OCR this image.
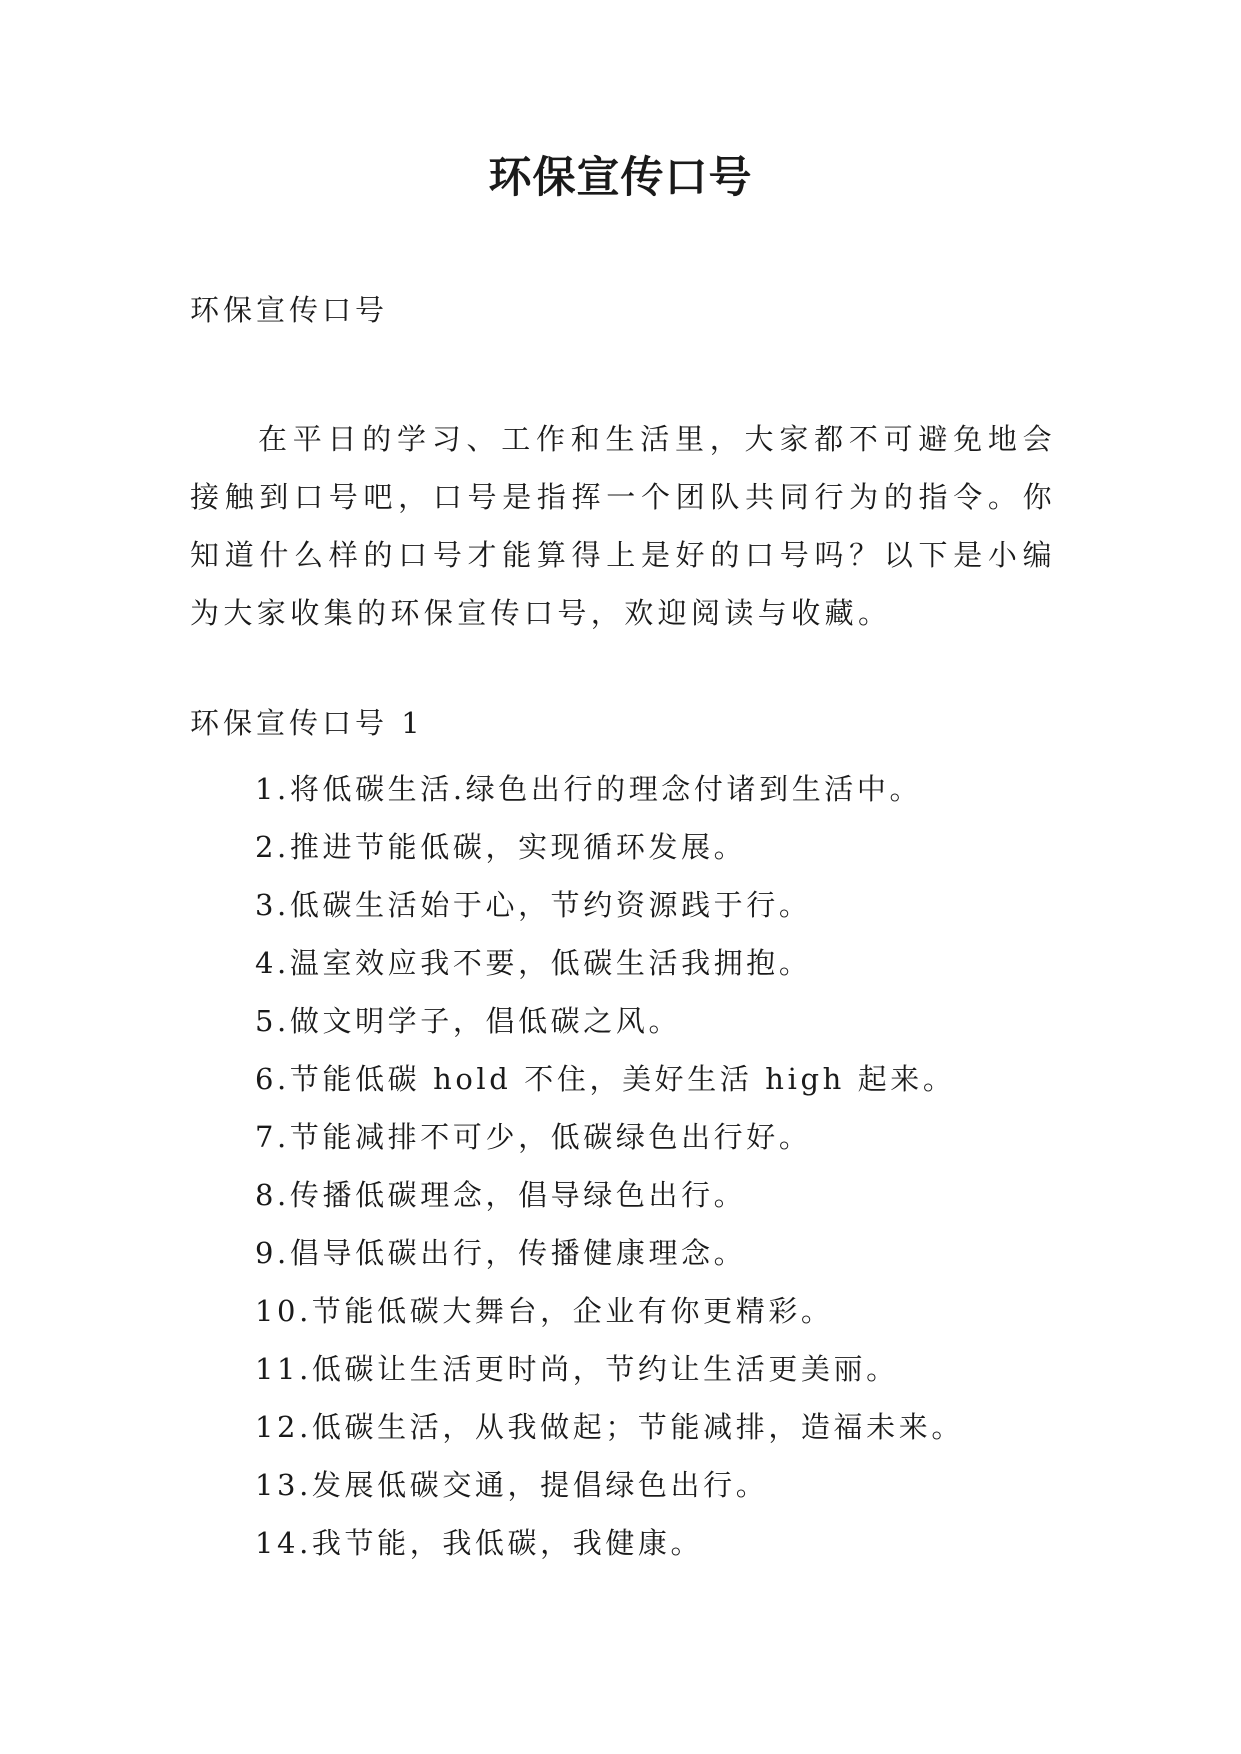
环保宣传口号

环保宣传口号

在平日的学习、工作和生活里，大家都不可避免地会接触到口号吧，口号是指挥一个团队共同行为的指令。你知道什么样的口号才能算得上是好的口号吗？以下是小编为大家收集的环保宣传口号，欢迎阅读与收藏。

环保宣传口号 1

1.将低碳生活.绿色出行的理念付诸到生活中。
2.推进节能低碳，实现循环发展。
3.低碳生活始于心，节约资源践于行。
4.温室效应我不要，低碳生活我拥抱。
5.做文明学子，倡低碳之风。
6.节能低碳 hold 不住，美好生活 high 起来。
7.节能减排不可少，低碳绿色出行好。
8.传播低碳理念，倡导绿色出行。
9.倡导低碳出行，传播健康理念。
10.节能低碳大舞台，企业有你更精彩。
11.低碳让生活更时尚，节约让生活更美丽。
12.低碳生活，从我做起；节能减排，造福未来。
13.发展低碳交通，提倡绿色出行。
14.我节能，我低碳，我健康。
